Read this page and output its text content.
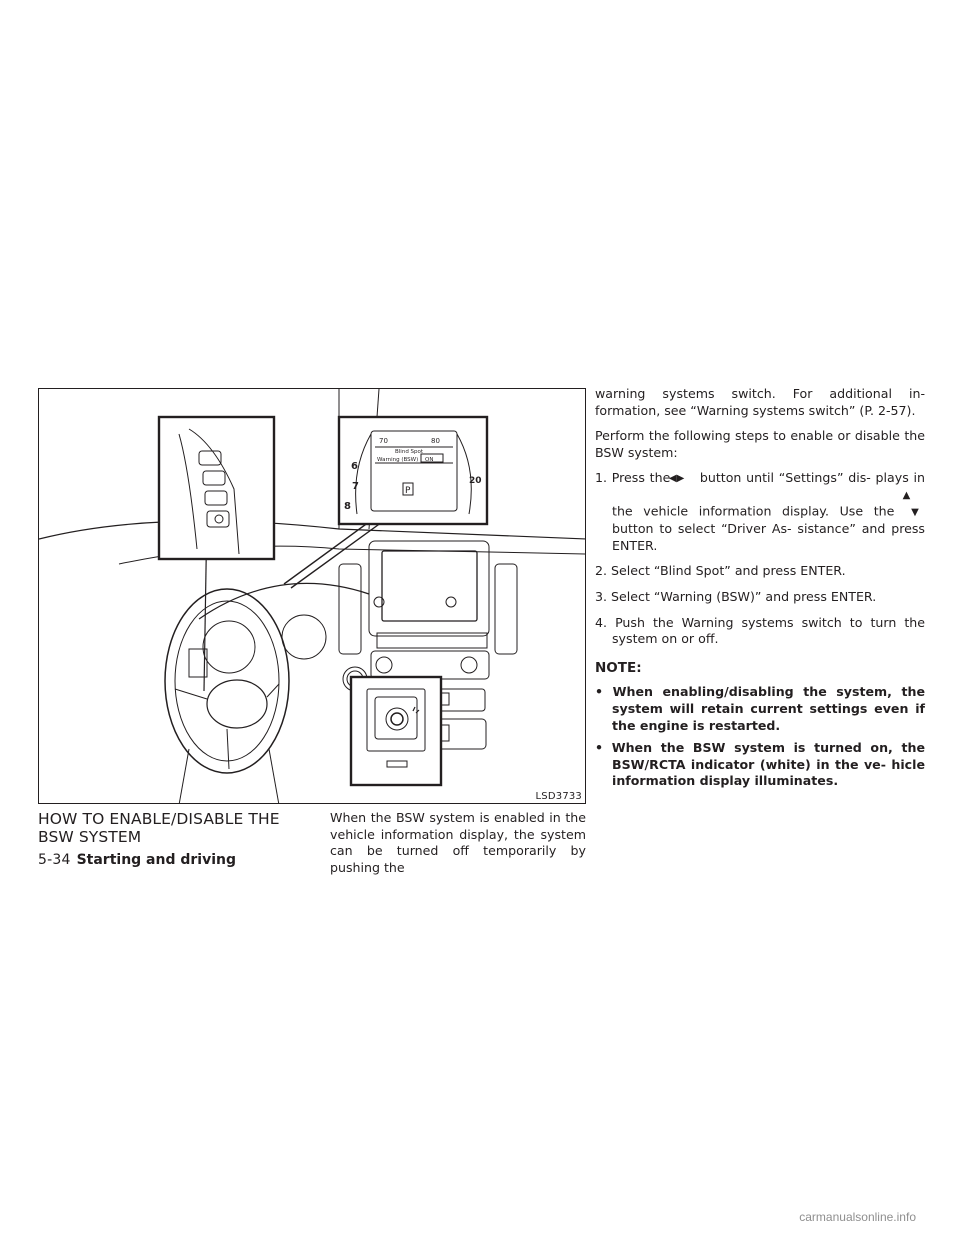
70	80
Blind Spot
Warning (BSW) ON
6
7
8
20
P
LSD3733
HOW TO ENABLE/DISABLE THE BSW SYSTEM

When the BSW system is enabled in the vehicle information display, the system can be turned off temporarily by pushing the

warning systems switch. For additional in- formation, see “Warning systems switch” (P. 2-57).

Perform the following steps to enable or disable the BSW system:

1. Press the ◀▶ button until “Settings” dis- plays in the vehicle information display. Use the ▲
▼ button to select “Driver As- sistance” and press ENTER.
2. Select “Blind Spot” and press ENTER.
3. Select “Warning (BSW)” and press ENTER.
4. Push the Warning systems switch to turn the system on or off.
NOTE:
• When enabling/disabling the system, the system will retain current settings even if the engine is restarted.
• When the BSW system is turned on, the BSW/RCTA indicator (white) in the ve- hicle information display illuminates.
5-34 Starting and driving
carmanualsonline.info
